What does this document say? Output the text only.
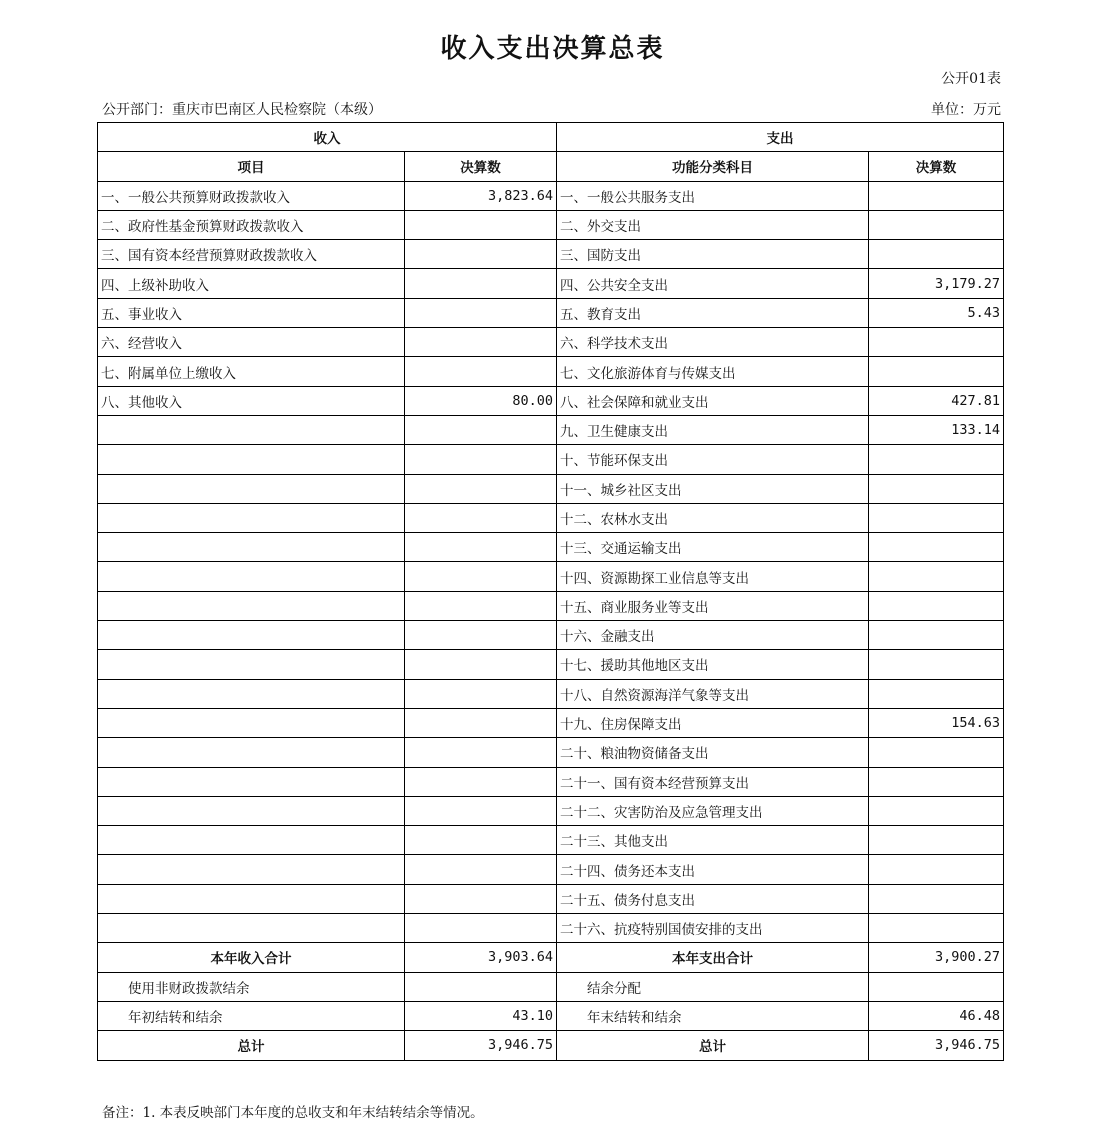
收入支出决算总表
公开01表
公开部门：重庆市巴南区人民检察院（本级）	单位：万元
收入		支出	
项目	决算数	功能分类科目	决算数
一、一般公共预算财政拨款收入	3,823.64	一、一般公共服务支出	
二、政府性基金预算财政拨款收入		二、外交支出	
三、国有资本经营预算财政拨款收入		三、国防支出	
四、上级补助收入		四、公共安全支出	3,179.27
五、事业收入		五、教育支出	5.43
六、经营收入		六、科学技术支出	
七、附属单位上缴收入		七、文化旅游体育与传媒支出	
八、其他收入	80.00	八、社会保障和就业支出	427.81
		九、卫生健康支出	133.14
		十、节能环保支出	
		十一、城乡社区支出	
		十二、农林水支出	
		十三、交通运输支出	
		十四、资源勘探工业信息等支出	
		十五、商业服务业等支出	
		十六、金融支出	
		十七、援助其他地区支出	
		十八、自然资源海洋气象等支出	
		十九、住房保障支出	154.63
		二十、粮油物资储备支出	
		二十一、国有资本经营预算支出	
		二十二、灾害防治及应急管理支出	
		二十三、其他支出	
		二十四、债务还本支出	
		二十五、债务付息支出	
		二十六、抗疫特别国债安排的支出	
本年收入合计	3,903.64	本年支出合计	3,900.27
使用非财政拨款结余		结余分配	
年初结转和结余	43.10	年末结转和结余	46.48
总计	3,946.75	总计	3,946.75
备注：1. 本表反映部门本年度的总收支和年末结转结余等情况。
